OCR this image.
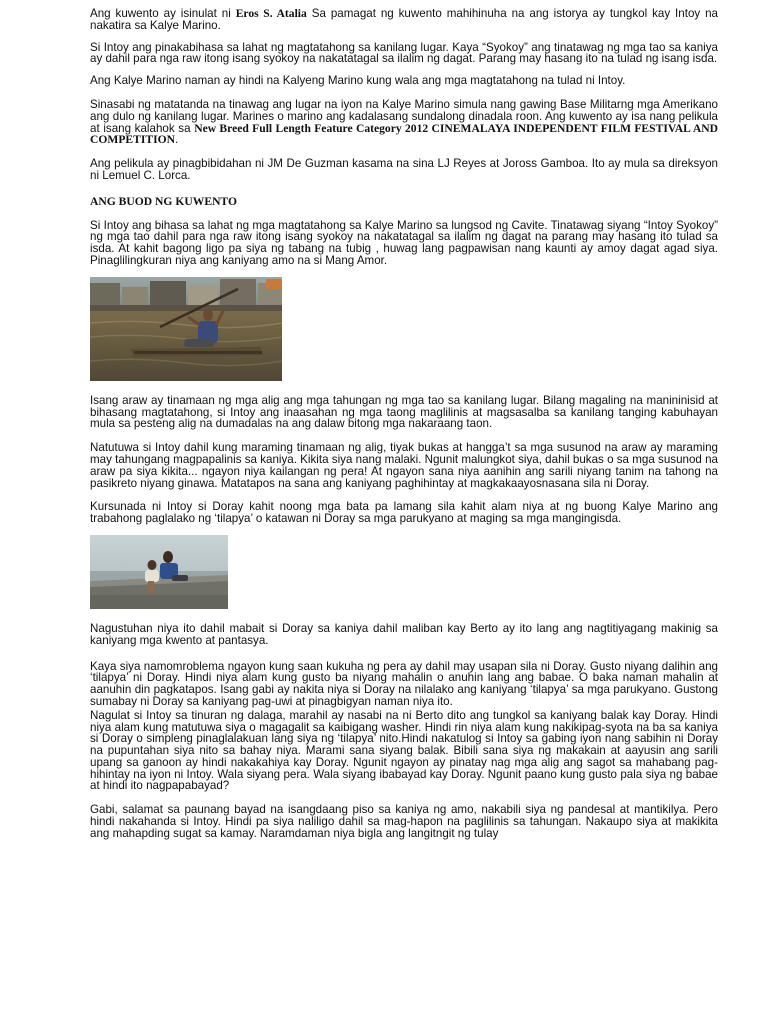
Ang kuwento ay isinulat ni Eros S. Atalia Sa pamagat ng kuwento mahihinuha na ang istorya ay tungkol kay Intoy na nakatira sa Kalye Marino.

Si Intoy ang pinakabihasa sa lahat ng magtatahong sa kanilang lugar. Kaya “Syokoy” ang tinatawag ng mga tao sa kaniya ay dahil para nga raw itong isang syokoy na nakatatagal sa ilalim ng dagat. Parang may hasang ito na tulad ng isang isda.

Ang Kalye Marino naman ay hindi na Kalyeng Marino kung wala ang mga magtatahong na tulad ni Intoy.

Sinasabi ng matatanda na tinawag ang lugar na iyon na Kalye Marino simula nang gawing Base Militarng mga Amerikano ang dulo ng kanilang lugar. Marines o marino ang kadalasang sundalong dinadala roon. Ang kuwento ay isa nang pelikula at isang kalahok sa New Breed Full Length Feature Category 2012 CINEMALAYA INDEPENDENT FILM FESTIVAL AND COMPETITION.

Ang pelikula ay pinagbibidahan ni JM De Guzman kasama na sina LJ Reyes at Joross Gamboa. Ito ay mula sa direksyon ni Lemuel C. Lorca.

ANG BUOD NG KUWENTO

Si Intoy ang bihasa sa lahat ng mga magtatahong sa Kalye Marino sa lungsod ng Cavite. Tinatawag siyang “Intoy Syokoy” ng mga tao dahil para nga raw itong isang syokoy na nakatatagal sa ilalim ng dagat na parang may hasang ito tulad sa isda. At kahit bagong ligo pa siya ng tabang na tubig , huwag lang pagpawisan nang kaunti ay amoy dagat agad siya. Pinaglilingkuran niya ang kaniyang amo na si Mang Amor.

Isang araw ay tinamaan ng mga alig ang mga tahungan ng mga tao sa kanilang lugar. Bilang magaling na manininisid at bihasang magtatahong, si Intoy ang inaasahan ng mga taong maglilinis at magsasalba sa kanilang tanging kabuhayan mula sa pesteng alig na dumadalas na ang dalaw bitong mga nakaraang taon.

Natutuwa si Intoy dahil kung maraming tinamaan ng alig, tiyak bukas at hangga’t sa mga susunod na araw ay maraming may tahungang magpapalinis sa kaniya. Kikita siya nang malaki. Ngunit malungkot siya, dahil bukas o sa mga susunod na araw pa siya kikita... ngayon niya kailangan ng pera! At ngayon sana niya aanihin ang sarili niyang tanim na tahong na pasikreto niyang ginawa. Matatapos na sana ang kaniyang paghihintay at magkakaayosnasana sila ni Doray.

Kursunada ni Intoy si Doray kahit noong mga bata pa lamang sila kahit alam niya at ng buong Kalye Marino ang trabahong paglalako ng ‘tilapya’ o katawan ni Doray sa mga parukyano at maging sa mga mangingisda.

Nagustuhan niya ito dahil mabait si Doray sa kaniya dahil maliban kay Berto ay ito lang ang nagtitiyagang makinig sa kaniyang mga kwento at pantasya.

Kaya siya namomroblema ngayon kung saan kukuha ng pera ay dahil may usapan sila ni Doray. Gusto niyang dalihin ang ‘tilapya’ ni Doray. Hindi niya alam kung gusto ba niyang mahalin o anuhin lang ang babae. O baka naman mahalin at aanuhin din pagkatapos. Isang gabi ay nakita niya si Doray na nilalako ang kaniyang ‘tilapya’ sa mga parukyano. Gustong sumabay ni Doray sa kaniyang pag-uwi at pinagbigyan naman niya ito.

Nagulat si Intoy sa tinuran ng dalaga, marahil ay nasabi na ni Berto dito ang tungkol sa kaniyang balak kay Doray. Hindi niya alam kung matutuwa siya o magagalit sa kaibigang washer. Hindi rin niya alam kung nakikipag-syota na ba sa kaniya si Doray o simpleng pinaglalakuan lang siya ng ‘tilapya’ nito.Hindi nakatulog si Intoy sa gabing iyon nang sabihin ni Doray na pupuntahan siya nito sa bahay niya. Marami sana siyang balak. Bibili sana siya ng makakain at aayusin ang sarili upang sa ganoon ay hindi nakakahiya kay Doray. Ngunit ngayon ay pinatay nag mga alig ang sagot sa mahabang pag-hihintay na iyon ni Intoy. Wala siyang pera. Wala siyang ibabayad kay Doray. Ngunit paano kung gusto pala siya ng babae at hindi ito nagpapabayad?

Gabi, salamat sa paunang bayad na isangdaang piso sa kaniya ng amo, nakabili siya ng pandesal at mantikilya. Pero hindi nakahanda si Intoy. Hindi pa siya naliligo dahil sa mag-hapon na paglilinis sa tahungan. Nakaupo siya at makikita ang mahapding sugat sa kamay. Naramdaman niya bigla ang langitngit ng tulay
